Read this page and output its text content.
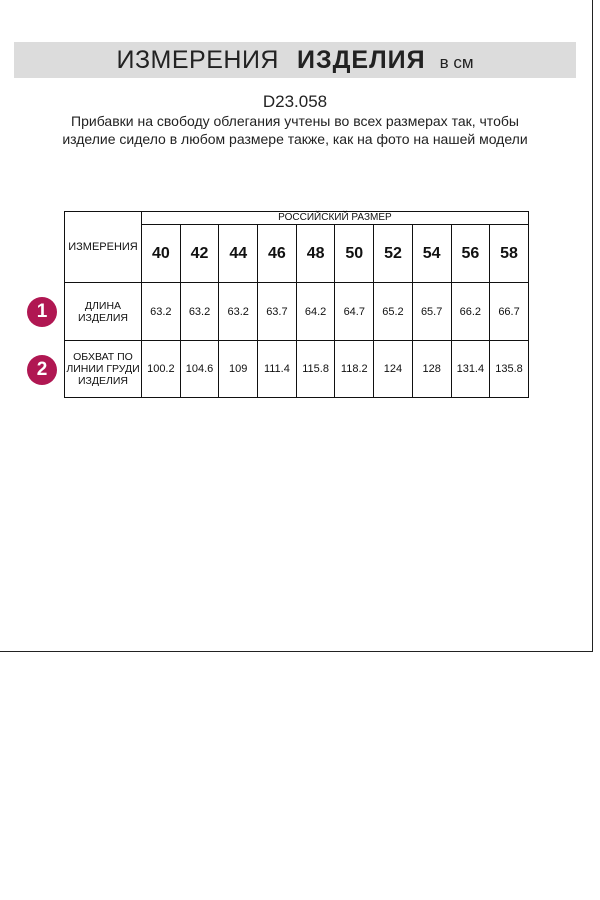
ИЗМЕРЕНИЯ ИЗДЕЛИЯ в см
D23.058
Прибавки на свободу облегания учтены во всех размерах так, чтобы изделие сидело в любом размере также, как на фото на нашей модели
1
2
ИЗМЕРЕНИЯ	РОССИЙСКИЙ РАЗМЕР									
	40	42	44	46	48	50	52	54	56	58
ДЛИНА ИЗДЕЛИЯ	63.2	63.2	63.2	63.7	64.2	64.7	65.2	65.7	66.2	66.7
ОБХВАТ ПО ЛИНИИ ГРУДИ ИЗДЕЛИЯ	100.2	104.6	109	111.4	115.8	118.2	124	128	131.4	135.8
